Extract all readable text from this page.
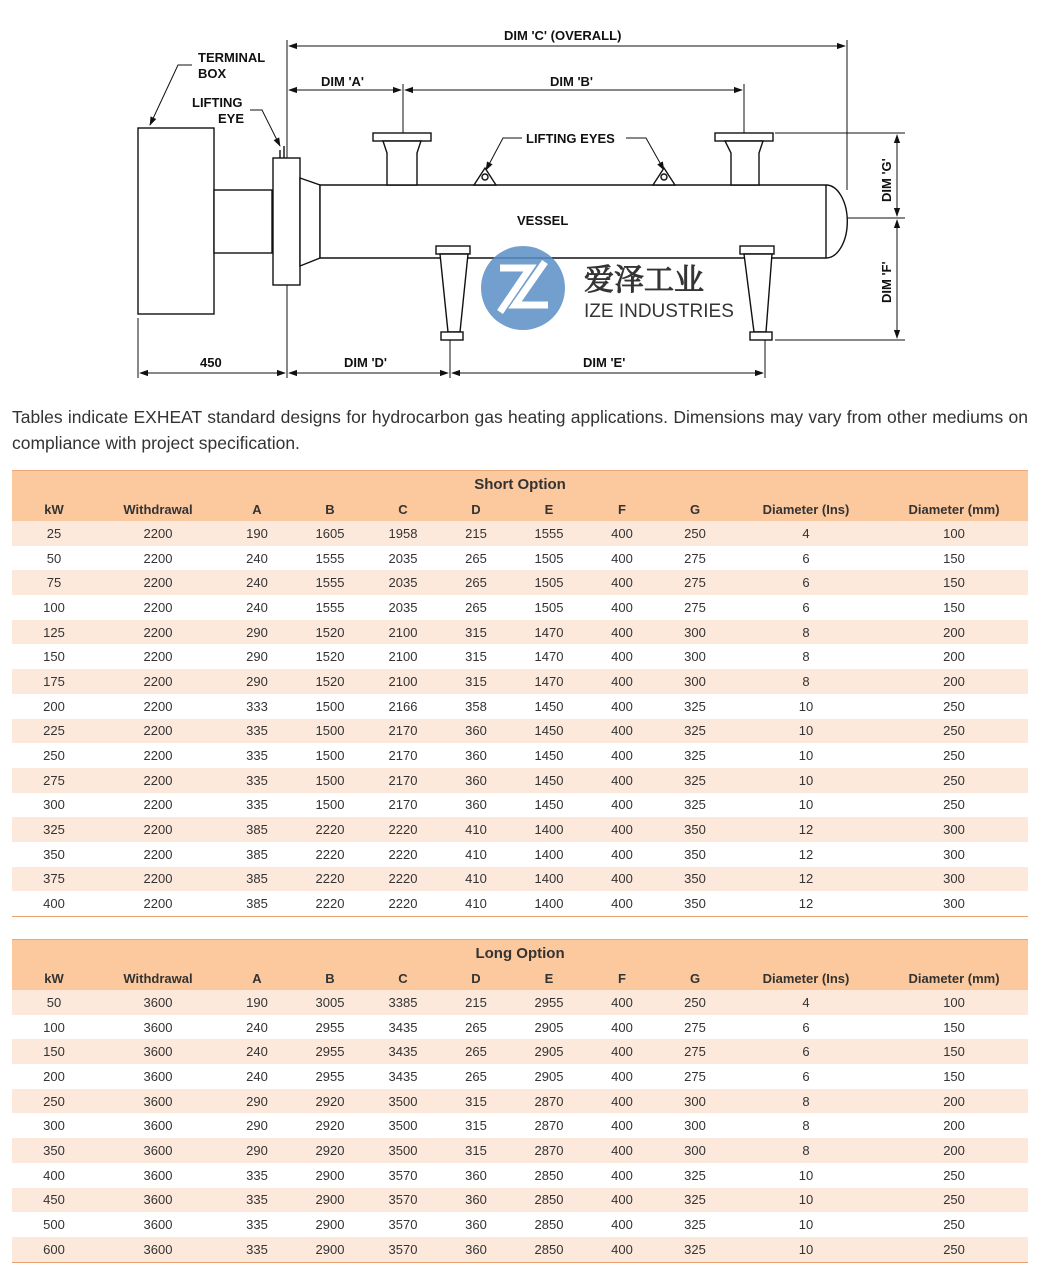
爱泽工业
IZE INDUSTRIES
TERMINAL
BOX
LIFTING
EYE
DIM 'C' (OVERALL)
DIM 'A'	DIM 'B'
LIFTING EYES
VESSEL
450	DIM 'D'	DIM 'E'
DIM 'G'
DIM 'F'

Tables indicate EXHEAT standard designs for hydrocarbon gas heating applications. Dimensions may vary from other mediums on compliance with project specification.

Short Option										
kW	Withdrawal	A	B	C	D	E	F	G	Diameter (Ins)	Diameter (mm)
25	2200	190	1605	1958	215	1555	400	250	4	100
50	2200	240	1555	2035	265	1505	400	275	6	150
75	2200	240	1555	2035	265	1505	400	275	6	150
100	2200	240	1555	2035	265	1505	400	275	6	150
125	2200	290	1520	2100	315	1470	400	300	8	200
150	2200	290	1520	2100	315	1470	400	300	8	200
175	2200	290	1520	2100	315	1470	400	300	8	200
200	2200	333	1500	2166	358	1450	400	325	10	250
225	2200	335	1500	2170	360	1450	400	325	10	250
250	2200	335	1500	2170	360	1450	400	325	10	250
275	2200	335	1500	2170	360	1450	400	325	10	250
300	2200	335	1500	2170	360	1450	400	325	10	250
325	2200	385	2220	2220	410	1400	400	350	12	300
350	2200	385	2220	2220	410	1400	400	350	12	300
375	2200	385	2220	2220	410	1400	400	350	12	300
400	2200	385	2220	2220	410	1400	400	350	12	300
Long Option										
kW	Withdrawal	A	B	C	D	E	F	G	Diameter (Ins)	Diameter (mm)
50	3600	190	3005	3385	215	2955	400	250	4	100
100	3600	240	2955	3435	265	2905	400	275	6	150
150	3600	240	2955	3435	265	2905	400	275	6	150
200	3600	240	2955	3435	265	2905	400	275	6	150
250	3600	290	2920	3500	315	2870	400	300	8	200
300	3600	290	2920	3500	315	2870	400	300	8	200
350	3600	290	2920	3500	315	2870	400	300	8	200
400	3600	335	2900	3570	360	2850	400	325	10	250
450	3600	335	2900	3570	360	2850	400	325	10	250
500	3600	335	2900	3570	360	2850	400	325	10	250
600	3600	335	2900	3570	360	2850	400	325	10	250
